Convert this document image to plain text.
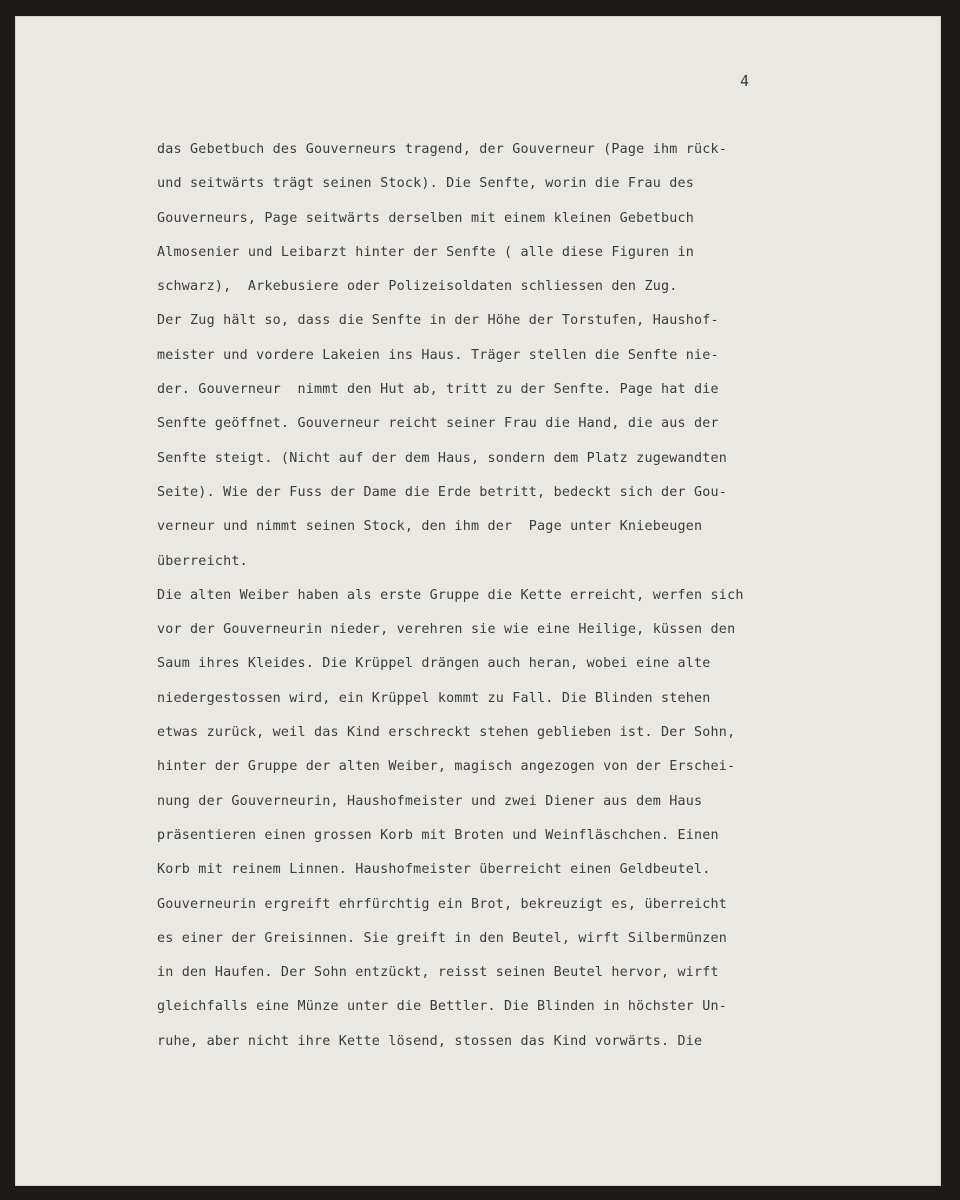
4
das Gebetbuch des Gouverneurs tragend, der Gouverneur (Page ihm rück-
und seitwärts trägt seinen Stock). Die Senfte, worin die Frau des
Gouverneurs, Page seitwärts derselben mit einem kleinen Gebetbuch
Almosenier und Leibarzt hinter der Senfte ( alle diese Figuren in
schwarz),  Arkebusiere oder Polizeisoldaten schliessen den Zug.
Der Zug hält so, dass die Senfte in der Höhe der Torstufen, Haushof-
meister und vordere Lakeien ins Haus. Träger stellen die Senfte nie-
der. Gouverneur  nimmt den Hut ab, tritt zu der Senfte. Page hat die
Senfte geöffnet. Gouverneur reicht seiner Frau die Hand, die aus der
Senfte steigt. (Nicht auf der dem Haus, sondern dem Platz zugewandten
Seite). Wie der Fuss der Dame die Erde betritt, bedeckt sich der Gou-
verneur und nimmt seinen Stock, den ihm der  Page unter Kniebeugen
überreicht.
Die alten Weiber haben als erste Gruppe die Kette erreicht, werfen sich
vor der Gouverneurin nieder, verehren sie wie eine Heilige, küssen den
Saum ihres Kleides. Die Krüppel drängen auch heran, wobei eine alte
niedergestossen wird, ein Krüppel kommt zu Fall. Die Blinden stehen
etwas zurück, weil das Kind erschreckt stehen geblieben ist. Der Sohn,
hinter der Gruppe der alten Weiber, magisch angezogen von der Erschei-
nung der Gouverneurin, Haushofmeister und zwei Diener aus dem Haus
präsentieren einen grossen Korb mit Broten und Weinfläschchen. Einen
Korb mit reinem Linnen. Haushofmeister überreicht einen Geldbeutel.
Gouverneurin ergreift ehrfürchtig ein Brot, bekreuzigt es, überreicht
es einer der Greisinnen. Sie greift in den Beutel, wirft Silbermünzen
in den Haufen. Der Sohn entzückt, reisst seinen Beutel hervor, wirft
gleichfalls eine Münze unter die Bettler. Die Blinden in höchster Un-
ruhe, aber nicht ihre Kette lösend, stossen das Kind vorwärts. Die
